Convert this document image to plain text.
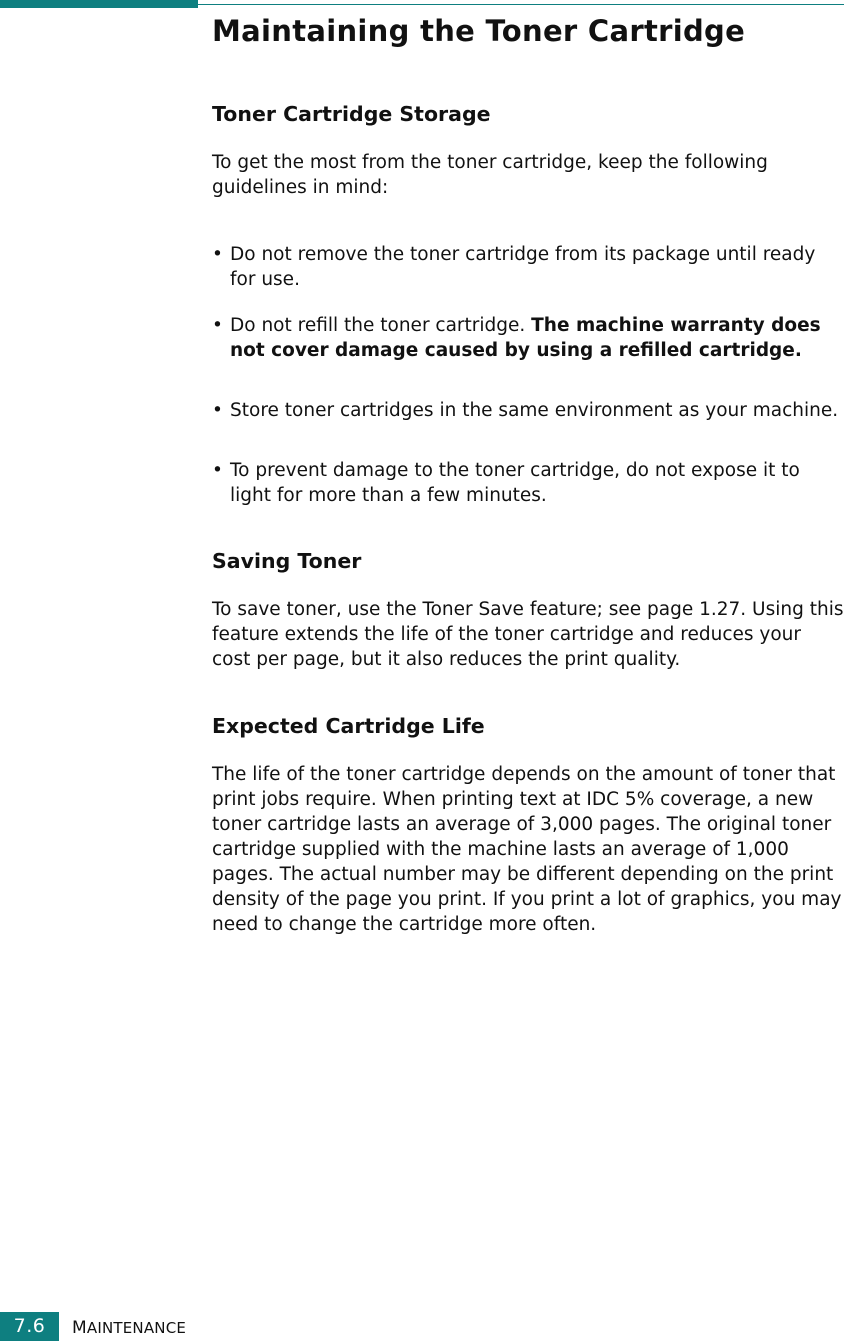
Maintaining the Toner Cartridge
Toner Cartridge Storage

To get the most from the toner cartridge, keep the following guidelines in mind:

• Do not remove the toner cartridge from its package until ready for use.
• Do not refill the toner cartridge. The machine warranty does not cover damage caused by using a refilled cartridge.
• Store toner cartridges in the same environment as your machine.
• To prevent damage to the toner cartridge, do not expose it to light for more than a few minutes.
Saving Toner

To save toner, use the Toner Save feature; see page 1.27. Using this feature extends the life of the toner cartridge and reduces your cost per page, but it also reduces the print quality.

Expected Cartridge Life

The life of the toner cartridge depends on the amount of toner that print jobs require. When printing text at IDC 5% coverage, a new toner cartridge lasts an average of 3,000 pages. The original toner cartridge supplied with the machine lasts an average of 1,000 pages. The actual number may be different depending on the print density of the page you print. If you print a lot of graphics, you may need to change the cartridge more often.

7.6	MAINTENANCE
